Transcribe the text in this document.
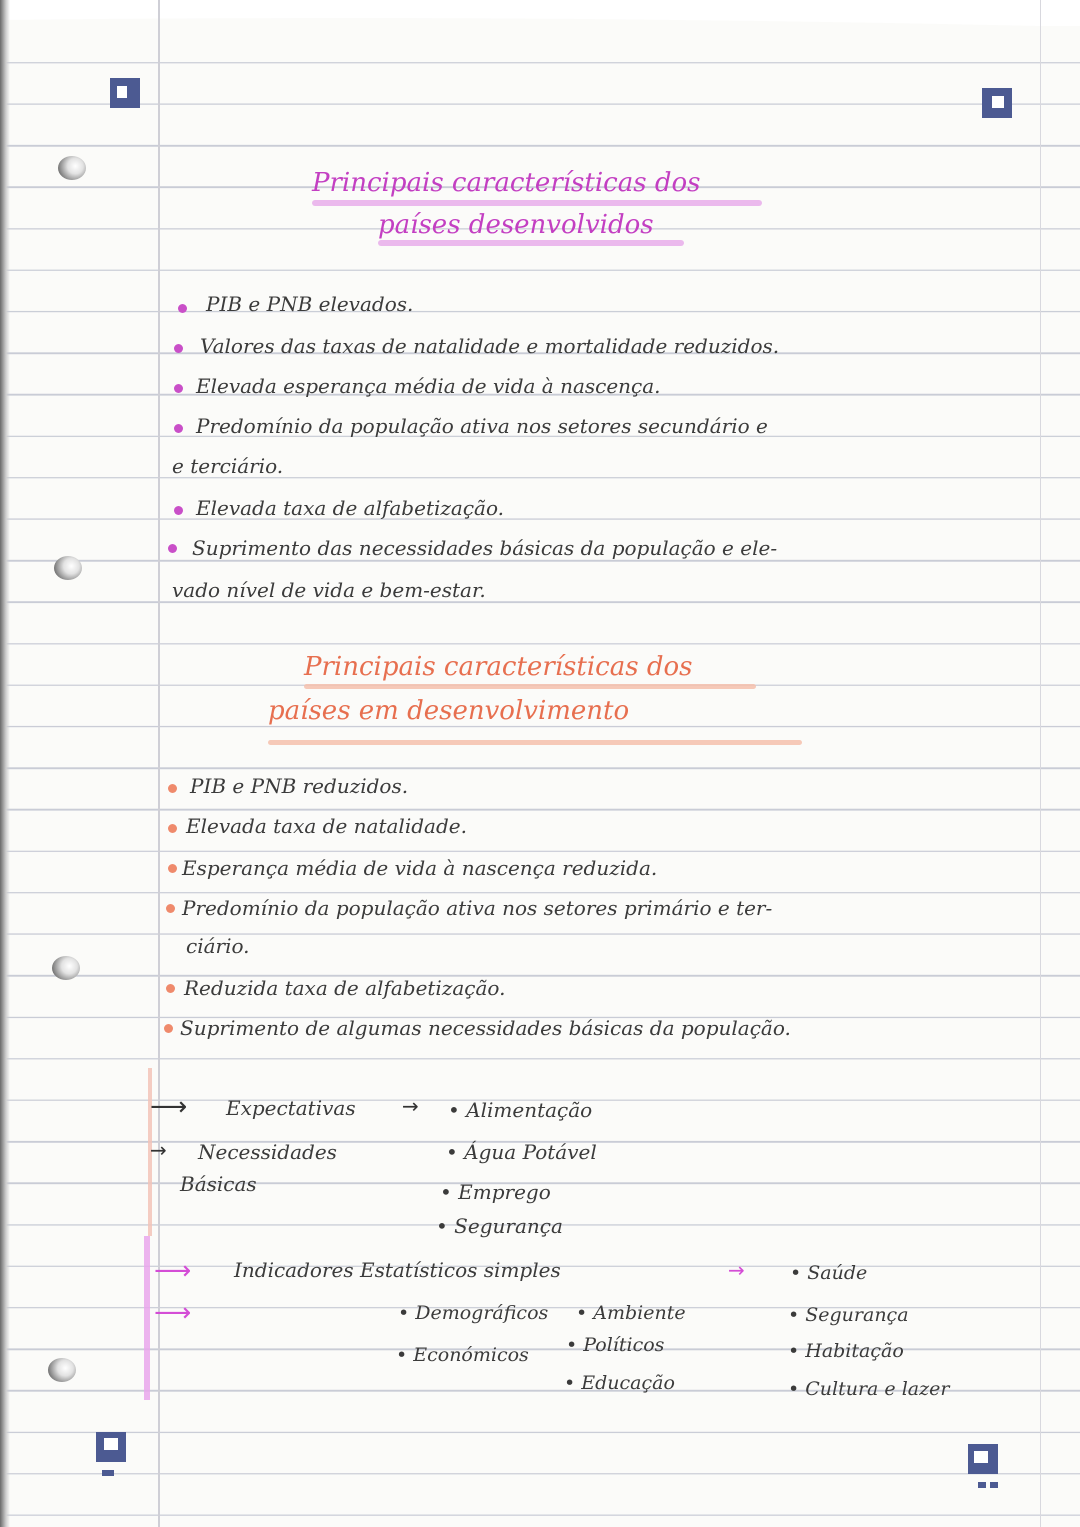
Principais características dos
países desenvolvidos
PIB e PNB elevados.
Valores das taxas de natalidade e mortalidade reduzidos.
Elevada esperança média de vida à nascença.
Predomínio da população ativa nos setores secundário e
e terciário.
Elevada taxa de alfabetização.
Suprimento das necessidades básicas da população e ele-
vado nível de vida e bem-estar.
Principais características dos
países em desenvolvimento
PIB e PNB reduzidos.
Elevada taxa de natalidade.
Esperança média de vida à nascença reduzida.
Predomínio da população ativa nos setores primário e ter-
ciário.
Reduzida taxa de alfabetização.
Suprimento de algumas necessidades básicas da população.
⟶ Expectativas →
→ Necessidades
Básicas
• Alimentação
• Água Potável
• Emprego
• Segurança
⟶
⟶
Indicadores Estatísticos simples	→
• Demográficos
• Económicos
• Ambiente
• Políticos
• Educação
• Saúde
• Segurança
• Habitação
• Cultura e lazer
